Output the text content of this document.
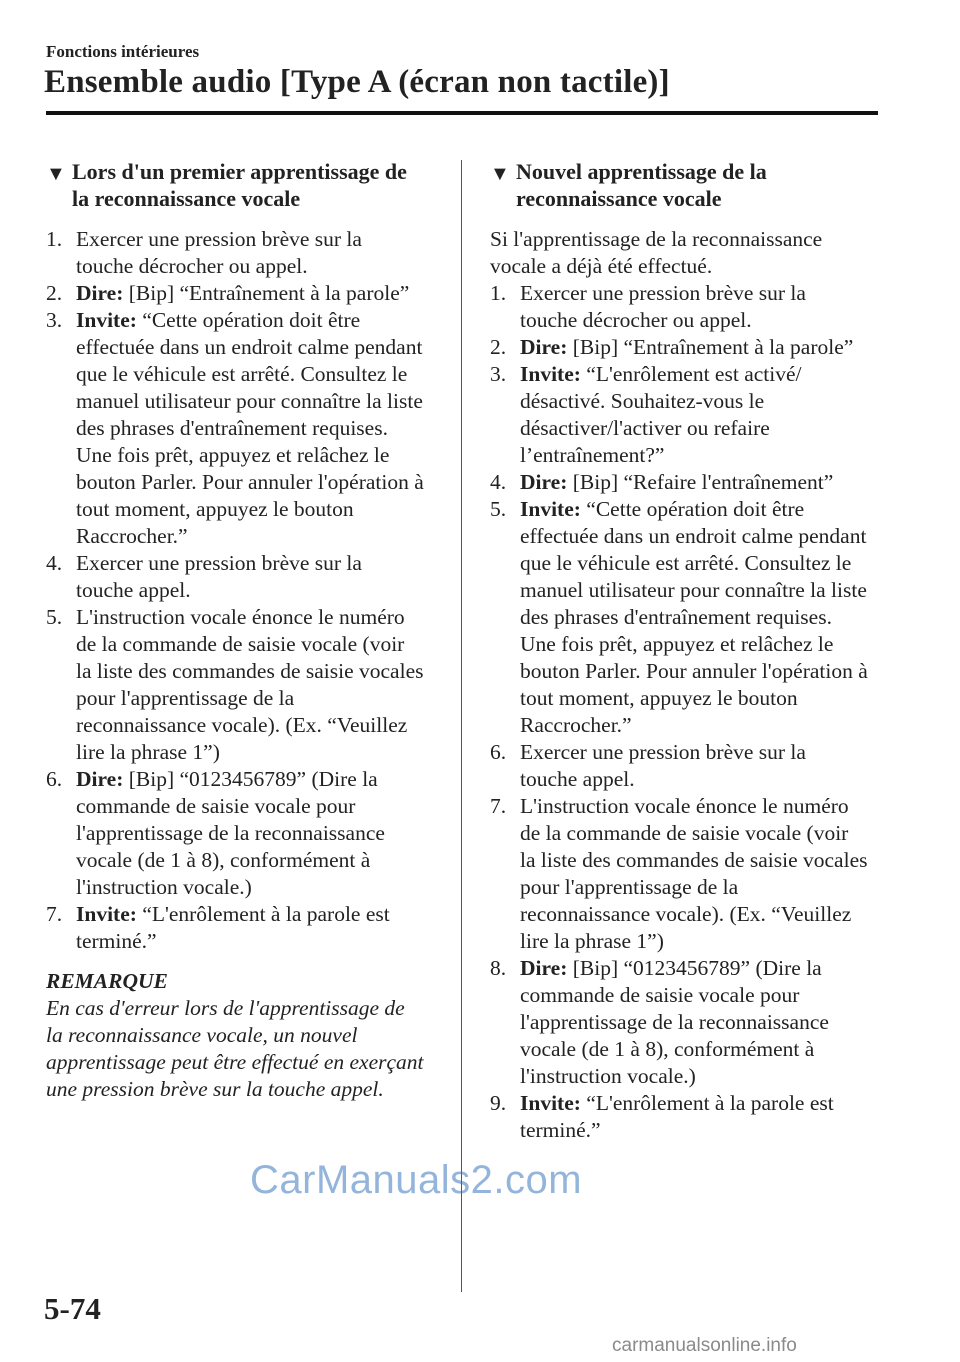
Fonctions intérieures
Ensemble audio [Type A (écran non tactile)]
▼ Lors d'un premier apprentissage de
la reconnaissance vocale
1. Exercer une pression brève sur la touche décrocher ou appel.
2. Dire: [Bip] “Entraînement à la parole”
3. Invite: “Cette opération doit être effectuée dans un endroit calme pendant que le véhicule est arrêté. Consultez le manuel utilisateur pour connaître la liste des phrases d'entraînement requises. Une fois prêt, appuyez et relâchez le bouton Parler. Pour annuler l'opération à tout moment, appuyez le bouton Raccrocher.”
4. Exercer une pression brève sur la touche appel.
5. L'instruction vocale énonce le numéro de la commande de saisie vocale (voir la liste des commandes de saisie vocales pour l'apprentissage de la reconnaissance vocale). (Ex. “Veuillez lire la phrase 1”)
6. Dire: [Bip] “0123456789” (Dire la commande de saisie vocale pour l'apprentissage de la reconnaissance vocale (de 1 à 8), conformément à l'instruction vocale.)
7. Invite: “L'enrôlement à la parole est terminé.”
REMARQUE
En cas d'erreur lors de l'apprentissage de la reconnaissance vocale, un nouvel apprentissage peut être effectué en exerçant une pression brève sur la touche appel.
▼ Nouvel apprentissage de la
reconnaissance vocale

Si l'apprentissage de la reconnaissance vocale a déjà été effectué.

1. Exercer une pression brève sur la touche décrocher ou appel.
2. Dire: [Bip] “Entraînement à la parole”
3. Invite: “L'enrôlement est activé/ désactivé. Souhaitez-vous le désactiver/l'activer ou refaire l’entraînement?”
4. Dire: [Bip] “Refaire l'entraînement”
5. Invite: “Cette opération doit être effectuée dans un endroit calme pendant que le véhicule est arrêté. Consultez le manuel utilisateur pour connaître la liste des phrases d'entraînement requises. Une fois prêt, appuyez et relâchez le bouton Parler. Pour annuler l'opération à tout moment, appuyez le bouton Raccrocher.”
6. Exercer une pression brève sur la touche appel.
7. L'instruction vocale énonce le numéro de la commande de saisie vocale (voir la liste des commandes de saisie vocales pour l'apprentissage de la reconnaissance vocale). (Ex. “Veuillez lire la phrase 1”)
8. Dire: [Bip] “0123456789” (Dire la commande de saisie vocale pour l'apprentissage de la reconnaissance vocale (de 1 à 8), conformément à l'instruction vocale.)
9. Invite: “L'enrôlement à la parole est terminé.”
CarManuals2.com
5-74
carmanualsonline.info
